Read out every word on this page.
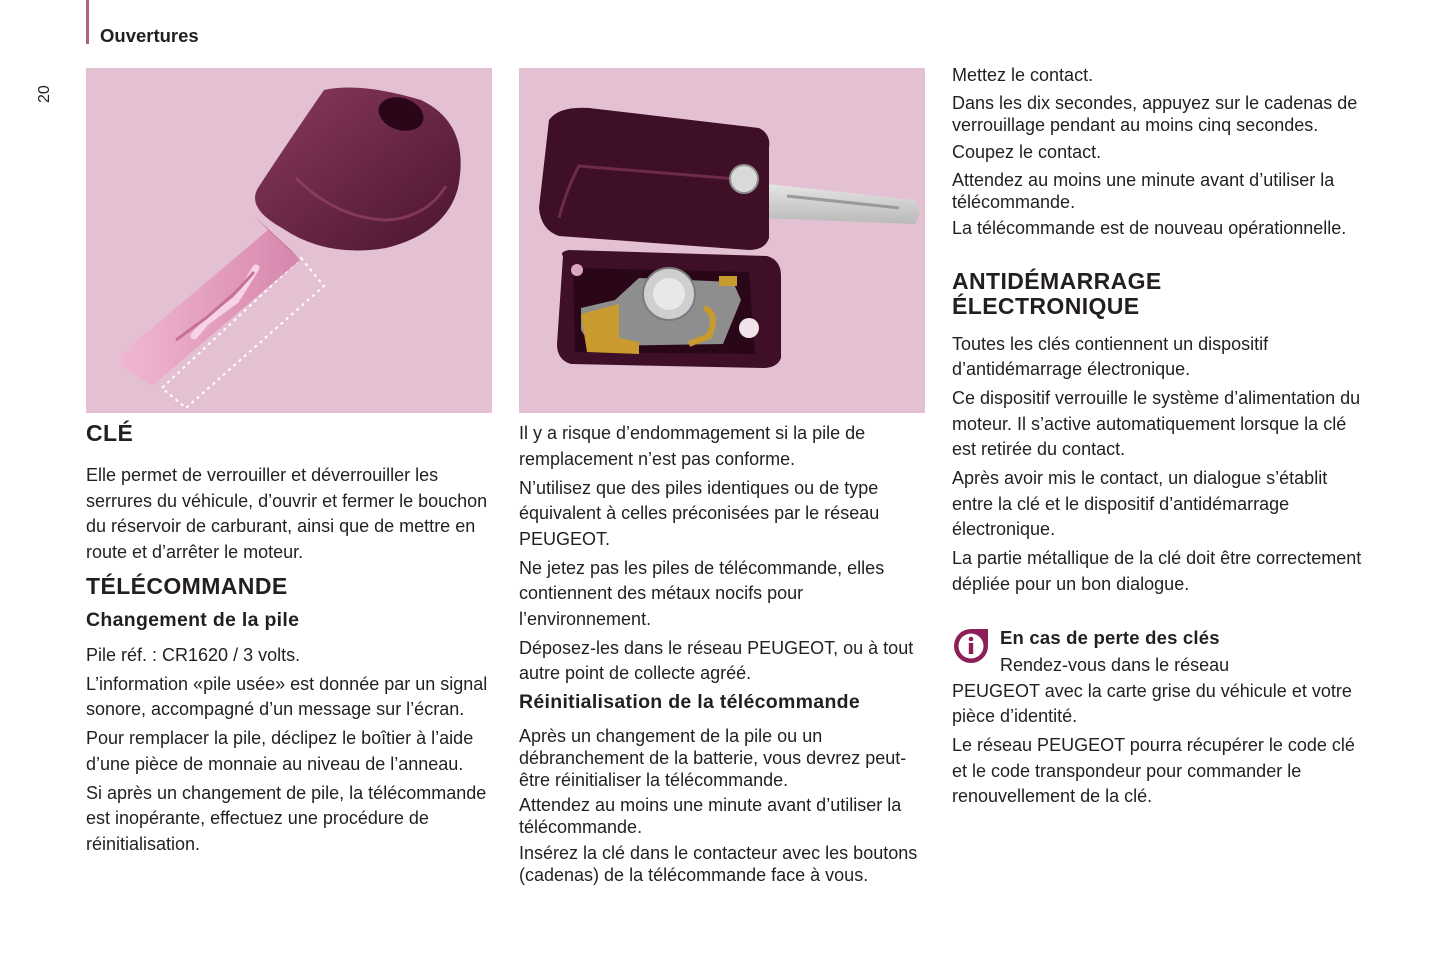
Ouvertures
20
CLÉ

Elle permet de verrouiller et déverrouiller les serrures du véhicule, d’ouvrir et fermer le bouchon du réservoir de carburant, ainsi que de mettre en route et d’arrêter le moteur.

TÉLÉCOMMANDE
Changement de la pile

Pile réf. : CR1620 / 3 volts.

L’information «pile usée» est donnée par un signal sonore, accompagné d’un message sur l’écran.

Pour remplacer la pile, déclipez le boîtier à l’aide d’une pièce de monnaie au niveau de l’anneau.

Si après un changement de pile, la télécommande est inopérante, effectuez une procédure de réinitialisation.

Il y a risque d’endommagement si la pile de remplacement n’est pas conforme.

N’utilisez que des piles identiques ou de type équivalent à celles préconisées par le réseau PEUGEOT.

Ne jetez pas les piles de télécommande, elles contiennent des métaux nocifs pour l’environnement.

Déposez-les dans le réseau PEUGEOT, ou à tout autre point de collecte agréé.

Réinitialisation de la télécommande

Après un changement de la pile ou un débranchement de la batterie, vous devrez peut-être réinitialiser la télécommande.

Attendez au moins une minute avant d’utiliser la télécommande.

Insérez la clé dans le contacteur avec les boutons (cadenas) de la télécommande face à vous.

Mettez le contact.

Dans les dix secondes, appuyez sur le cadenas de verrouillage pendant au moins cinq secondes.

Coupez le contact.

Attendez au moins une minute avant d’utiliser la télécommande.

La télécommande est de nouveau opérationnelle.

ANTIDÉMARRAGE
ÉLECTRONIQUE

Toutes les clés contiennent un dispositif d’antidémarrage électronique.

Ce dispositif verrouille le système d’alimentation du moteur. Il s’active automatiquement lorsque la clé est retirée du contact.

Après avoir mis le contact, un dialogue s’établit entre la clé et le dispositif d’antidémarrage électronique.

La partie métallique de la clé doit être correctement dépliée pour un bon dialogue.

En cas de perte des clés
Rendez-vous dans le réseau

PEUGEOT avec la carte grise du véhicule et votre pièce d’identité.

Le réseau PEUGEOT pourra récupérer le code clé et le code transpondeur pour commander le renouvellement de la clé.
